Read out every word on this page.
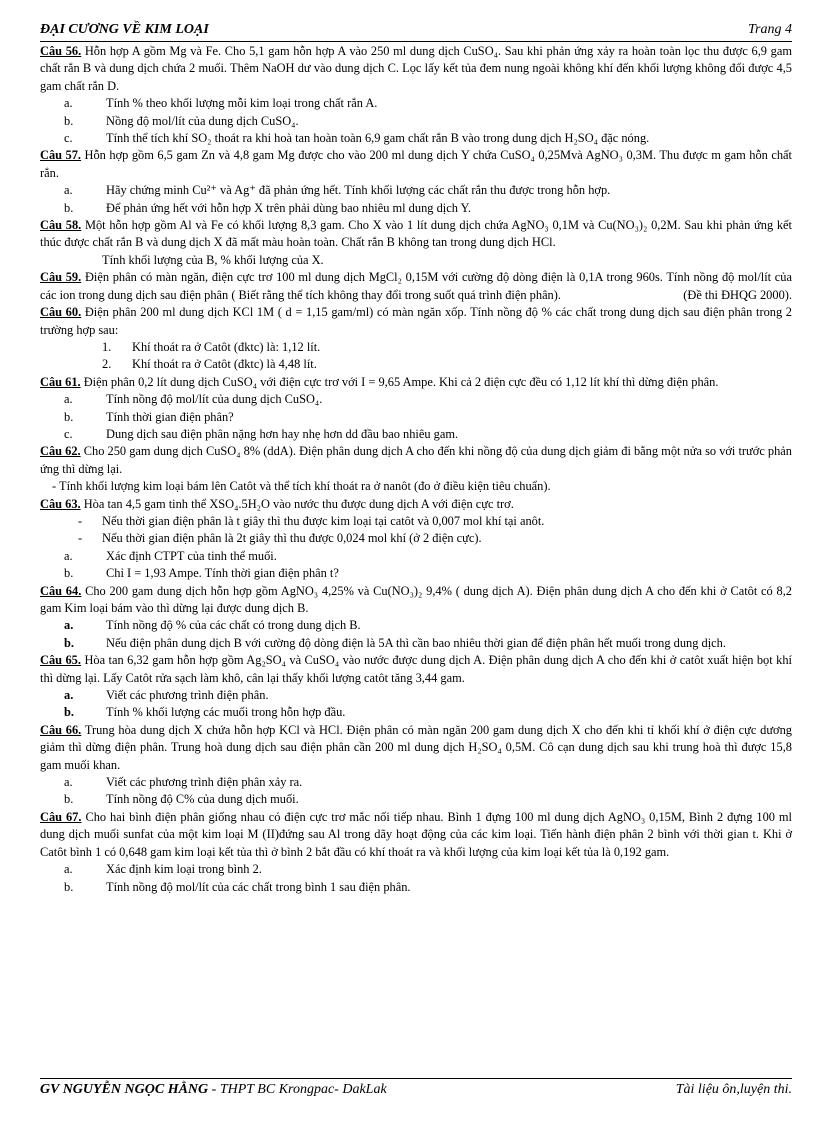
ĐẠI CƯƠNG VỀ KIM LOẠI	Trang 4

Câu 56. Hỗn hợp A gồm Mg và Fe. Cho 5,1 gam hỗn hợp A vào 250 ml dung dịch CuSO₄. Sau khi phản ứng xảy ra hoàn toàn lọc thu được 6,9 gam chất rắn B và dung dịch chứa 2 muối. Thêm NaOH dư vào dung dịch C. Lọc lấy kết tủa đem nung ngoài không khí đến khối lượng không đổi được 4,5 gam chất rắn D.

a.	Tính % theo khối lượng mỗi kim loại trong chất rắn A.
b.	Nồng độ mol/lít của dung dịch CuSO₄.
c.	Tính thể tích khí SO₂ thoát ra khi hoà tan hoàn toàn 6,9 gam chất rắn B vào trong dung dịch H₂SO₄ đặc nóng.

Câu 57. Hỗn hợp gồm 6,5 gam Zn và 4,8 gam Mg được cho vào 200 ml dung dịch Y chứa CuSO₄ 0,25Mvà AgNO₃ 0,3M. Thu được m gam hỗn chất rắn.

a.	Hãy chứng minh Cu²⁺ và Ag⁺ đã phản ứng hết. Tính khối lượng các chất rắn thu được trong hỗn hợp.
b.	Để phản ứng hết với hỗn hợp X trên phải dùng bao nhiêu ml dung dịch Y.

Câu 58. Một hỗn hợp gồm Al và Fe có khối lượng 8,3 gam. Cho X vào 1 lít dung dịch chứa AgNO₃ 0,1M và Cu(NO₃)₂ 0,2M. Sau khi phản ứng kết thúc được chất rắn B và dung dịch X đã mất màu hoàn toàn. Chất rắn B không tan trong dung dịch HCl.

Tính khối lượng của B, % khối lượng của X.

Câu 59. Điện phân có màn ngăn, điện cực trơ 100 ml dung dịch MgCl₂ 0,15M với cường độ dòng điện là 0,1A trong 960s. Tính nồng độ mol/lít của các ion trong dung dịch sau điện phân ( Biết rằng thể tích không thay đổi trong suốt quá trình điện phân).	(Đề thi ĐHQG 2000).

Câu 60. Điện phân 200 ml dung dịch KCl 1M ( d = 1,15 gam/ml) có màn ngăn xốp. Tính nồng độ % các chất trong dung dịch sau điện phân trong 2 trường hợp sau:

1.	Khí thoát ra ở Catôt (đktc) là: 1,12 lít.
2.	Khí thoát ra ở Catôt (đktc) là 4,48 lít.

Câu 61. Điện phân 0,2 lít dung dịch CuSO₄ với điện cực trơ với I = 9,65 Ampe. Khi cả 2 điện cực đều có 1,12 lít khí thì dừng điện phân.

a.	Tính nồng độ mol/lít của dung dịch CuSO₄.
b.	Tính thời gian điện phân?
c.	Dung dịch sau điện phân nặng hơn hay nhẹ hơn dd đầu bao nhiêu gam.

Câu 62. Cho 250 gam dung dịch CuSO₄ 8% (ddA). Điện phân dung dịch A cho đến khi nồng độ của dung dịch giảm đi bằng một nửa so với trước phản ứng thì dừng lại.

- Tính khối lượng kim loại bám lên Catôt và thể tích khí thoát ra ở nanôt (đo ở điều kiện tiêu chuẩn).

Câu 63. Hòa tan 4,5 gam tinh thể XSO₄.5H₂O vào nước thu được dung dịch A với điện cực trơ.

-	Nếu thời gian điện phân là t giây thì thu được kim loại tại catôt và 0,007 mol khí tại anôt.
-	Nếu thời gian điện phân là 2t giây thì thu được 0,024 mol khí (ở 2 điện cực).
a.	Xác định CTPT của tinh thể muối.
b.	Chỉ I = 1,93 Ampe. Tính thời gian điện phân t?

Câu 64. Cho 200 gam dung dịch hỗn hợp gồm AgNO₃ 4,25% và Cu(NO₃)₂ 9,4% ( dung dịch A). Điện phân dung dịch A cho đến khi ở Catôt có 8,2 gam Kim loại bám vào thì dừng lại được dung dịch B.

a.	Tính nồng độ % của các chất có trong dung dịch B.
b.	Nếu điện phân dung dịch B với cường độ dòng điện là 5A thì cần bao nhiêu thời gian để điện phân hết muối trong dung dịch.

Câu 65. Hòa tan 6,32 gam hỗn hợp gồm Ag₂SO₄ và CuSO₄ vào nước được dung dịch A. Điện phân dung dịch A cho đến khi ở catôt xuất hiện bọt khí thì dừng lại. Lấy Catôt rửa sạch làm khô, cân lại thấy khối lượng catôt tăng 3,44 gam.

a.	Viết các phương trình điện phân.
b.	Tính % khối lượng các muối trong hỗn hợp đầu.

Câu 66. Trung hòa dung dịch X chứa hỗn hợp KCl và HCl. Điện phân có màn ngăn 200 gam dung dịch X cho đến khi tỉ khối khí ở điện cực dương giảm thì dừng điện phân. Trung hoà dung dịch sau điện phân cần 200 ml dung dịch H₂SO₄ 0,5M. Cô cạn dung dịch sau khi trung hoà thì được 15,8 gam muối khan.

a.	Viết các phương trình điện phân xảy ra.
b.	Tính nồng độ C% của dung dịch muối.

Câu 67. Cho hai bình điện phân giống nhau có điện cực trơ mắc nối tiếp nhau. Bình 1 đựng 100 ml dung dịch AgNO₃ 0,15M, Bình 2 đựng 100 ml dung dịch muối sunfat của một kim loại M (II)đứng sau Al trong dãy hoạt động của các kim loại. Tiến hành điện phân 2 bình với thời gian t. Khi ở Catôt bình 1 có 0,648 gam kim loại kết tủa thì ở bình 2 bắt đầu có khí thoát ra và khối lượng của kim loại kết tủa là 0,192 gam.

a.	Xác định kim loại trong bình 2.
b.	Tính nồng độ mol/lít của các chất trong bình 1 sau điện phân.
GV NGUYỄN NGỌC HẰNG - THPT BC Krongpac- DakLak	Tài liệu ôn,luyện thi.
